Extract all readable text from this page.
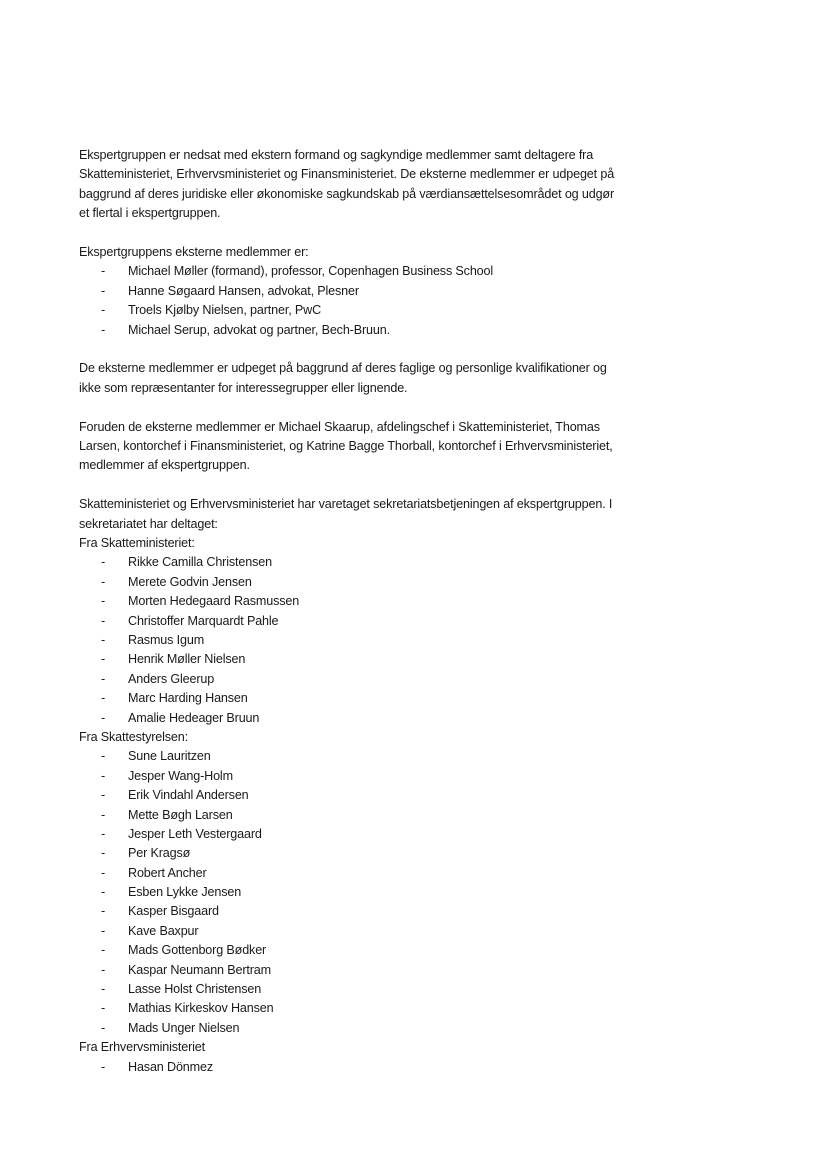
Ekspertgruppen er nedsat med ekstern formand og sagkyndige medlemmer samt deltagere fra
Skatteministeriet, Erhvervsministeriet og Finansministeriet. De eksterne medlemmer er udpeget på
baggrund af deres juridiske eller økonomiske sagkundskab på værdiansættelsesområdet og udgør
et flertal i ekspertgruppen.

Ekspertgruppens eksterne medlemmer er:

- Michael Møller (formand), professor, Copenhagen Business School
- Hanne Søgaard Hansen, advokat, Plesner
- Troels Kjølby Nielsen, partner, PwC
- Michael Serup, advokat og partner, Bech-Bruun.

De eksterne medlemmer er udpeget på baggrund af deres faglige og personlige kvalifikationer og
ikke som repræsentanter for interessegrupper eller lignende.

Foruden de eksterne medlemmer er Michael Skaarup, afdelingschef i Skatteministeriet, Thomas
Larsen, kontorchef i Finansministeriet, og Katrine Bagge Thorball, kontorchef i Erhvervsministeriet,
medlemmer af ekspertgruppen.

Skatteministeriet og Erhvervsministeriet har varetaget sekretariatsbetjeningen af ekspertgruppen. I
sekretariatet har deltaget:

Fra Skatteministeriet:

- Rikke Camilla Christensen
- Merete Godvin Jensen
- Morten Hedegaard Rasmussen
- Christoffer Marquardt Pahle
- Rasmus Igum
- Henrik Møller Nielsen
- Anders Gleerup
- Marc Harding Hansen
- Amalie Hedeager Bruun

Fra Skattestyrelsen:

- Sune Lauritzen
- Jesper Wang-Holm
- Erik Vindahl Andersen
- Mette Bøgh Larsen
- Jesper Leth Vestergaard
- Per Kragsø
- Robert Ancher
- Esben Lykke Jensen
- Kasper Bisgaard
- Kave Baxpur
- Mads Gottenborg Bødker
- Kaspar Neumann Bertram
- Lasse Holst Christensen
- Mathias Kirkeskov Hansen
- Mads Unger Nielsen

Fra Erhvervsministeriet

- Hasan Dönmez
